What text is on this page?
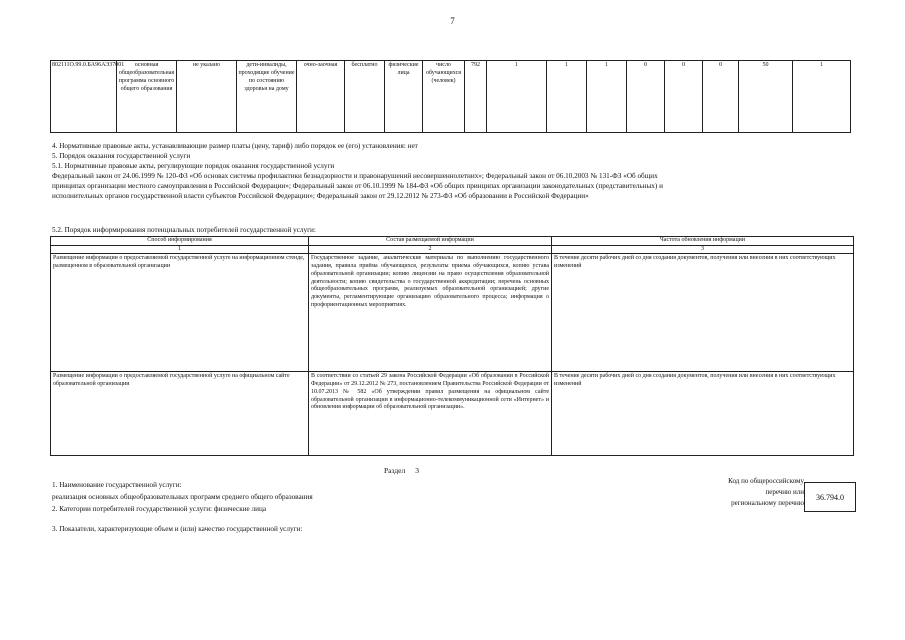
7
802111О.99.0.БА96АЭ37001	основная общеобразовательная программа основного общего образования	не указано	дети-инвалиды, проходящие обучение по состоянию здоровья на дому	очно-заочная	бесплатно	физические лица	число обучающихся (человек)	792	1	1	1	0	0	0	50	1
4. Нормативные правовые акты, устанавливающие размер платы (цену, тариф) либо порядок ее (его) установления: нет
5. Порядок оказания государственной услуги
5.1. Нормативные правовые акты, регулирующие порядок оказания государственной услуги
Федеральный закон от 24.06.1999 № 120-ФЗ «Об основах системы профилактики безнадзорности и правонарушений несовершеннолетних»; Федеральный закон от 06.10.2003 № 131-ФЗ «Об общих
принципах организации местного самоуправления в Российской Федерации»; Федеральный закон от 06.10.1999 № 184-ФЗ «Об общих принципах организации законодательных (представительных) и
исполнительных органов государственной власти субъектов Российской Федерации»; Федеральный закон от 29.12.2012 № 273-ФЗ «Об образовании в Российской Федерации»
5.2. Порядок информирования потенциальных потребителей государственной услуги:
Способ информирования	Состав размещаемой информации	Частота обновления информации
1	2	3
Размещение информации о предоставляемой государственной услуге на информационном стенде, размещенном в образовательной организации	Государственное задание, аналитические материалы по выполнению государственного задания, правила приёма обучающихся, результаты приема обучающихся, копию устава образовательной организации; копию лицензии на право осуществления образовательной деятельности; копию свидетельства о государственной аккредитации; перечень основных общеобразовательных программ, реализуемых образовательной организацией; другие документы, регламентирующие организацию образовательного процесса; информация о профориентационных мероприятиях.	В течение десяти рабочих дней со дня создания документов, получения или внесения в них соответствующих изменений
Размещение информации о предоставляемой государственной услуге на официальном сайте образовательной организации	В соответствии со статьей 29 закона Российской Федерации «Об образовании в Российской Федерации» от 29.12.2012 № 273, постановлением Правительства Российской Федерации от 10.07.2013 № 582 «Об утверждении правил размещения на официальном сайте образовательной организации в информационно-телекоммуникационной сети «Интернет» и обновления информации об образовательной организации».	В течение десяти рабочих дней со дня создания документов, получения или внесения в них соответствующих изменений
Раздел 3
1. Наименование государственной услуги:
реализация основных общеобразовательных программ среднего общего образования
2. Категории потребителей государственной услуги: физические лица
Код по общероссийскому
перечню или
региональному перечню
36.794.0
3. Показатели, характеризующие объем и (или) качество государственной услуги:
